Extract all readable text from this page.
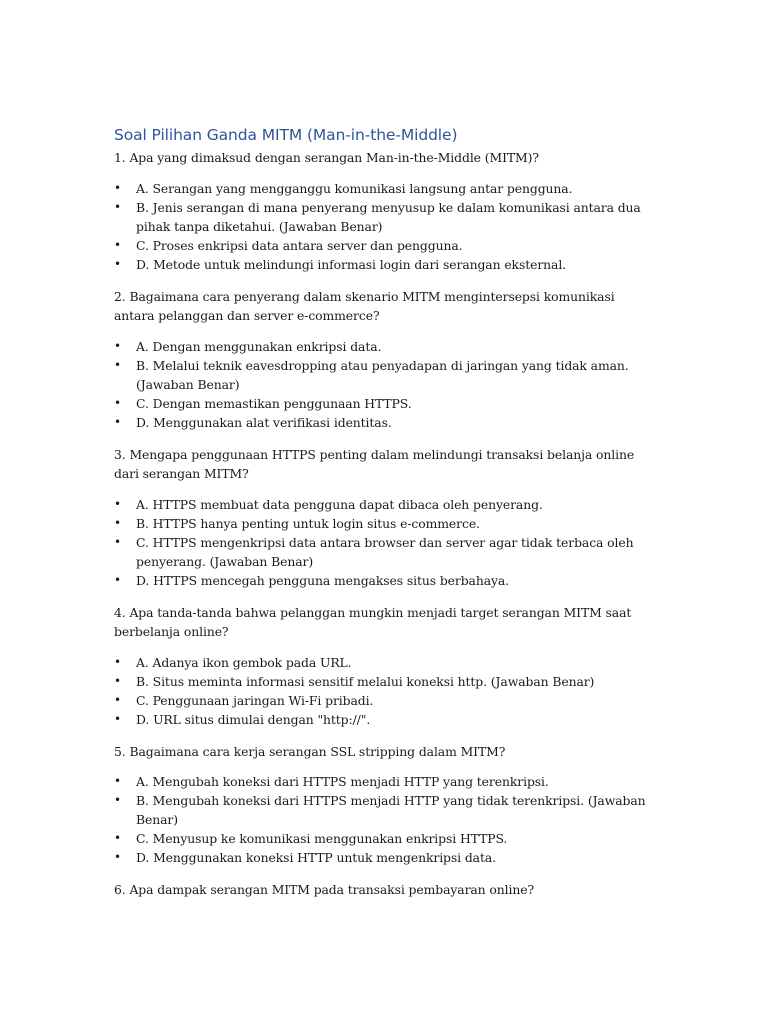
Soal Pilihan Ganda MITM (Man-in-the-Middle)

1. Apa yang dimaksud dengan serangan Man-in-the-Middle (MITM)?

• A. Serangan yang mengganggu komunikasi langsung antar pengguna.
• B. Jenis serangan di mana penyerang menyusup ke dalam komunikasi antara dua pihak tanpa diketahui. (Jawaban Benar)
• C. Proses enkripsi data antara server dan pengguna.
• D. Metode untuk melindungi informasi login dari serangan eksternal.

2. Bagaimana cara penyerang dalam skenario MITM mengintersepsi komunikasi antara pelanggan dan server e-commerce?

• A. Dengan menggunakan enkripsi data.
• B. Melalui teknik eavesdropping atau penyadapan di jaringan yang tidak aman. (Jawaban Benar)
• C. Dengan memastikan penggunaan HTTPS.
• D. Menggunakan alat verifikasi identitas.

3. Mengapa penggunaan HTTPS penting dalam melindungi transaksi belanja online dari serangan MITM?

• A. HTTPS membuat data pengguna dapat dibaca oleh penyerang.
• B. HTTPS hanya penting untuk login situs e-commerce.
• C. HTTPS mengenkripsi data antara browser dan server agar tidak terbaca oleh penyerang. (Jawaban Benar)
• D. HTTPS mencegah pengguna mengakses situs berbahaya.

4. Apa tanda-tanda bahwa pelanggan mungkin menjadi target serangan MITM saat berbelanja online?

• A. Adanya ikon gembok pada URL.
• B. Situs meminta informasi sensitif melalui koneksi http. (Jawaban Benar)
• C. Penggunaan jaringan Wi-Fi pribadi.
• D. URL situs dimulai dengan "http://".

5. Bagaimana cara kerja serangan SSL stripping dalam MITM?

• A. Mengubah koneksi dari HTTPS menjadi HTTP yang terenkripsi.
• B. Mengubah koneksi dari HTTPS menjadi HTTP yang tidak terenkripsi. (Jawaban Benar)
• C. Menyusup ke komunikasi menggunakan enkripsi HTTPS.
• D. Menggunakan koneksi HTTP untuk mengenkripsi data.

6. Apa dampak serangan MITM pada transaksi pembayaran online?
